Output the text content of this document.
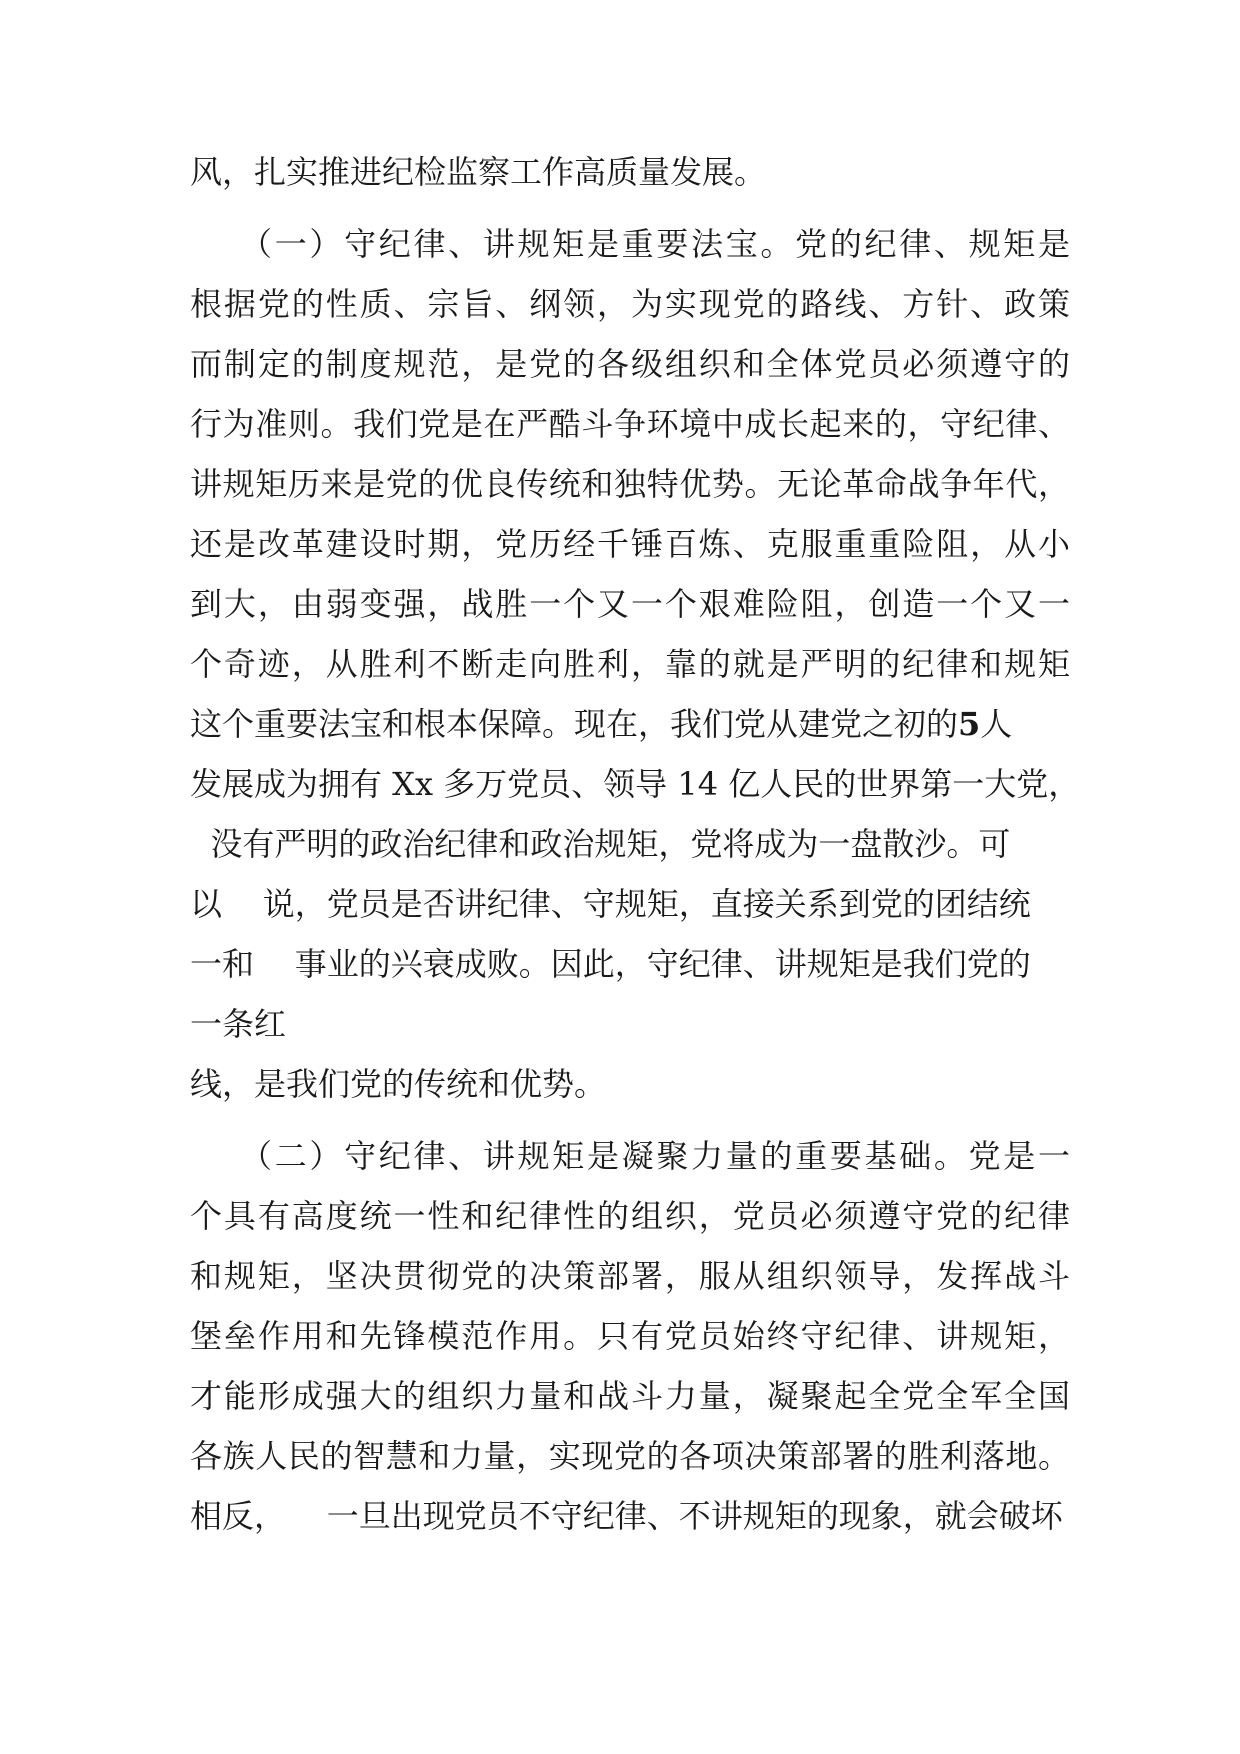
风，扎实推进纪检监察工作高质量发展。

（一）守纪律、讲规矩是重要法宝。党的纪律、规矩是

根据党的性质、宗旨、纲领，为实现党的路线、方针、政策

而制定的制度规范，是党的各级组织和全体党员必须遵守的

行为准则。我们党是在严酷斗争环境中成长起来的，守纪律、

讲规矩历来是党的优良传统和独特优势。无论革命战争年代，

还是改革建设时期，党历经千锤百炼、克服重重险阻，从小

到大，由弱变强，战胜一个又一个艰难险阻，创造一个又一

个奇迹，从胜利不断走向胜利，靠的就是严明的纪律和规矩

这个重要法宝和根本保障。现在，我们党从建党之初的5人

发展成为拥有 Xx 多万党员、领导 14 亿人民的世界第一大党，

没有严明的政治纪律和政治规矩，党将成为一盘散沙。可

以    说，党员是否讲纪律、守规矩，直接关系到党的团结统

一和    事业的兴衰成败。因此，守纪律、讲规矩是我们党的

一条红

线，是我们党的传统和优势。

（二）守纪律、讲规矩是凝聚力量的重要基础。党是一

个具有高度统一性和纪律性的组织，党员必须遵守党的纪律

和规矩，坚决贯彻党的决策部署，服从组织领导，发挥战斗

堡垒作用和先锋模范作用。只有党员始终守纪律、讲规矩，

才能形成强大的组织力量和战斗力量，凝聚起全党全军全国

各族人民的智慧和力量，实现党的各项决策部署的胜利落地。

相反，    一旦出现党员不守纪律、不讲规矩的现象，就会破坏
